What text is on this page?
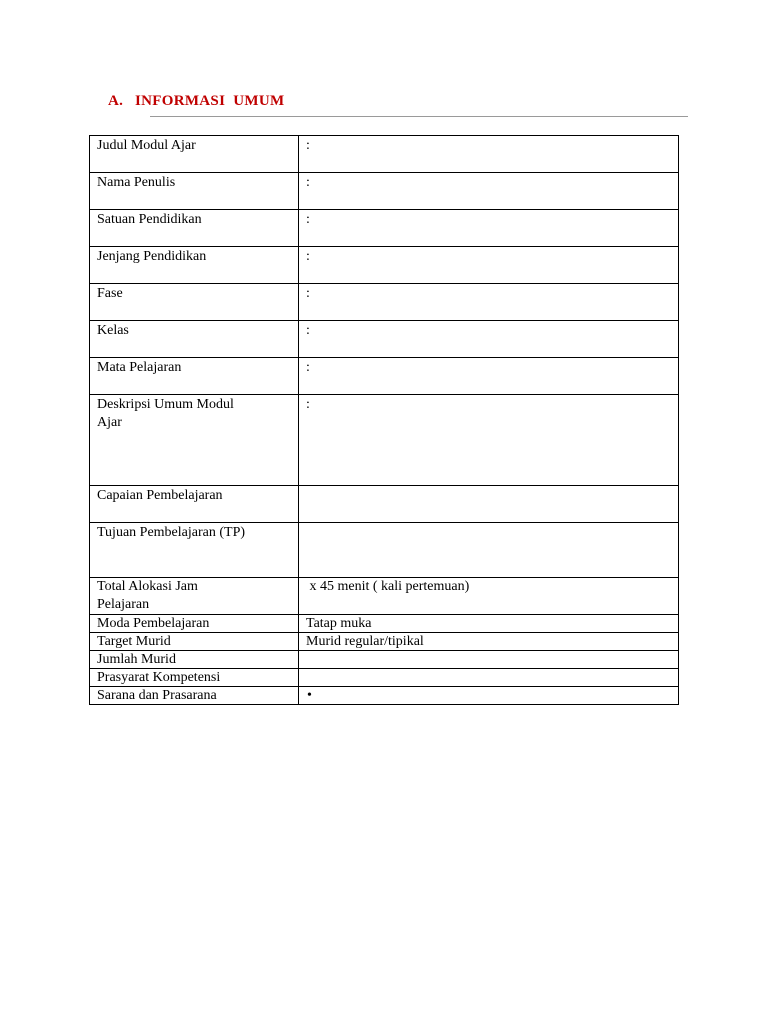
A. INFORMASI  UMUM
Judul Modul Ajar	:
Nama Penulis	:
Satuan Pendidikan	:
Jenjang Pendidikan	:
Fase	:
Kelas	:
Mata Pelajaran	:

Deskripsi Umum Modul
Ajar	:
Capaian Pembelajaran	
Tujuan Pembelajaran (TP)	

Total Alokasi Jam
Pelajaran	x 45 menit ( kali pertemuan)
Moda Pembelajaran	Tatap muka
Target Murid	Murid regular/tipikal
Jumlah Murid	
Prasyarat Kompetensi	
Sarana dan Prasarana	•
